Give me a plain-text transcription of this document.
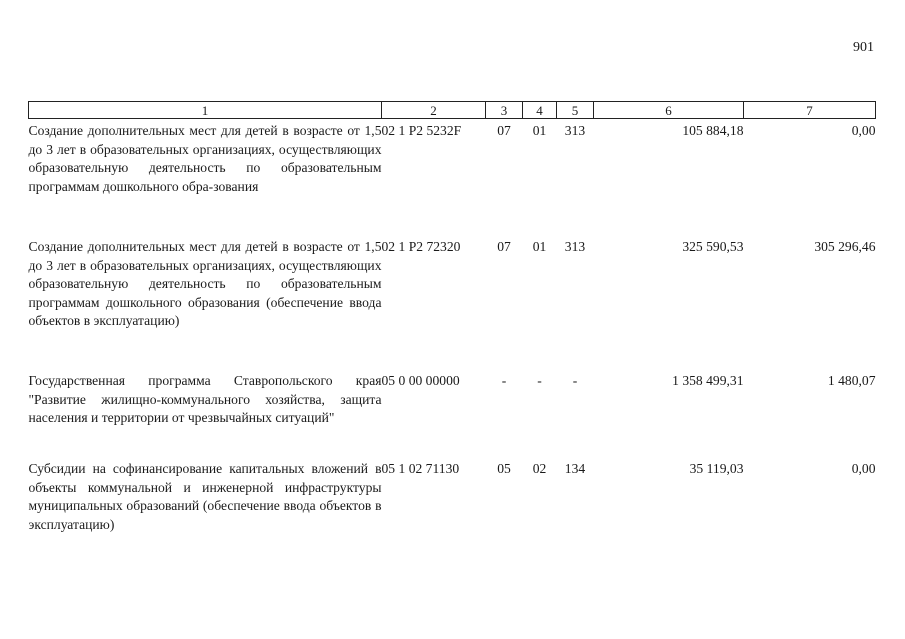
901
1	2	3	4	5	6	7
Создание дополнительных мест для детей в возрасте от 1,5 до 3 лет в образовательных организациях, осуществляющих образовательную деятельность по образовательным программам дошкольного обра-зования	02 1 P2 5232F	07	01	313	105 884,18	0,00
Создание дополнительных мест для детей в возрасте от 1,5 до 3 лет в образовательных организациях, осуществляющих образовательную деятельность по образовательным программам дошкольного образования (обеспечение ввода объектов в эксплуатацию)	02 1 P2 72320	07	01	313	325 590,53	305 296,46
Государственная программа Ставропольского края "Развитие жилищно-коммунального хозяйства, защита населения и территории от чрезвычайных ситуаций"	05 0 00 00000	-	-	-	1 358 499,31	1 480,07
Субсидии на софинансирование капитальных вложений в объекты коммунальной и инженерной инфраструктуры муниципальных образований (обеспечение ввода объектов в эксплуатацию)	05 1 02 71130	05	02	134	35 119,03	0,00
